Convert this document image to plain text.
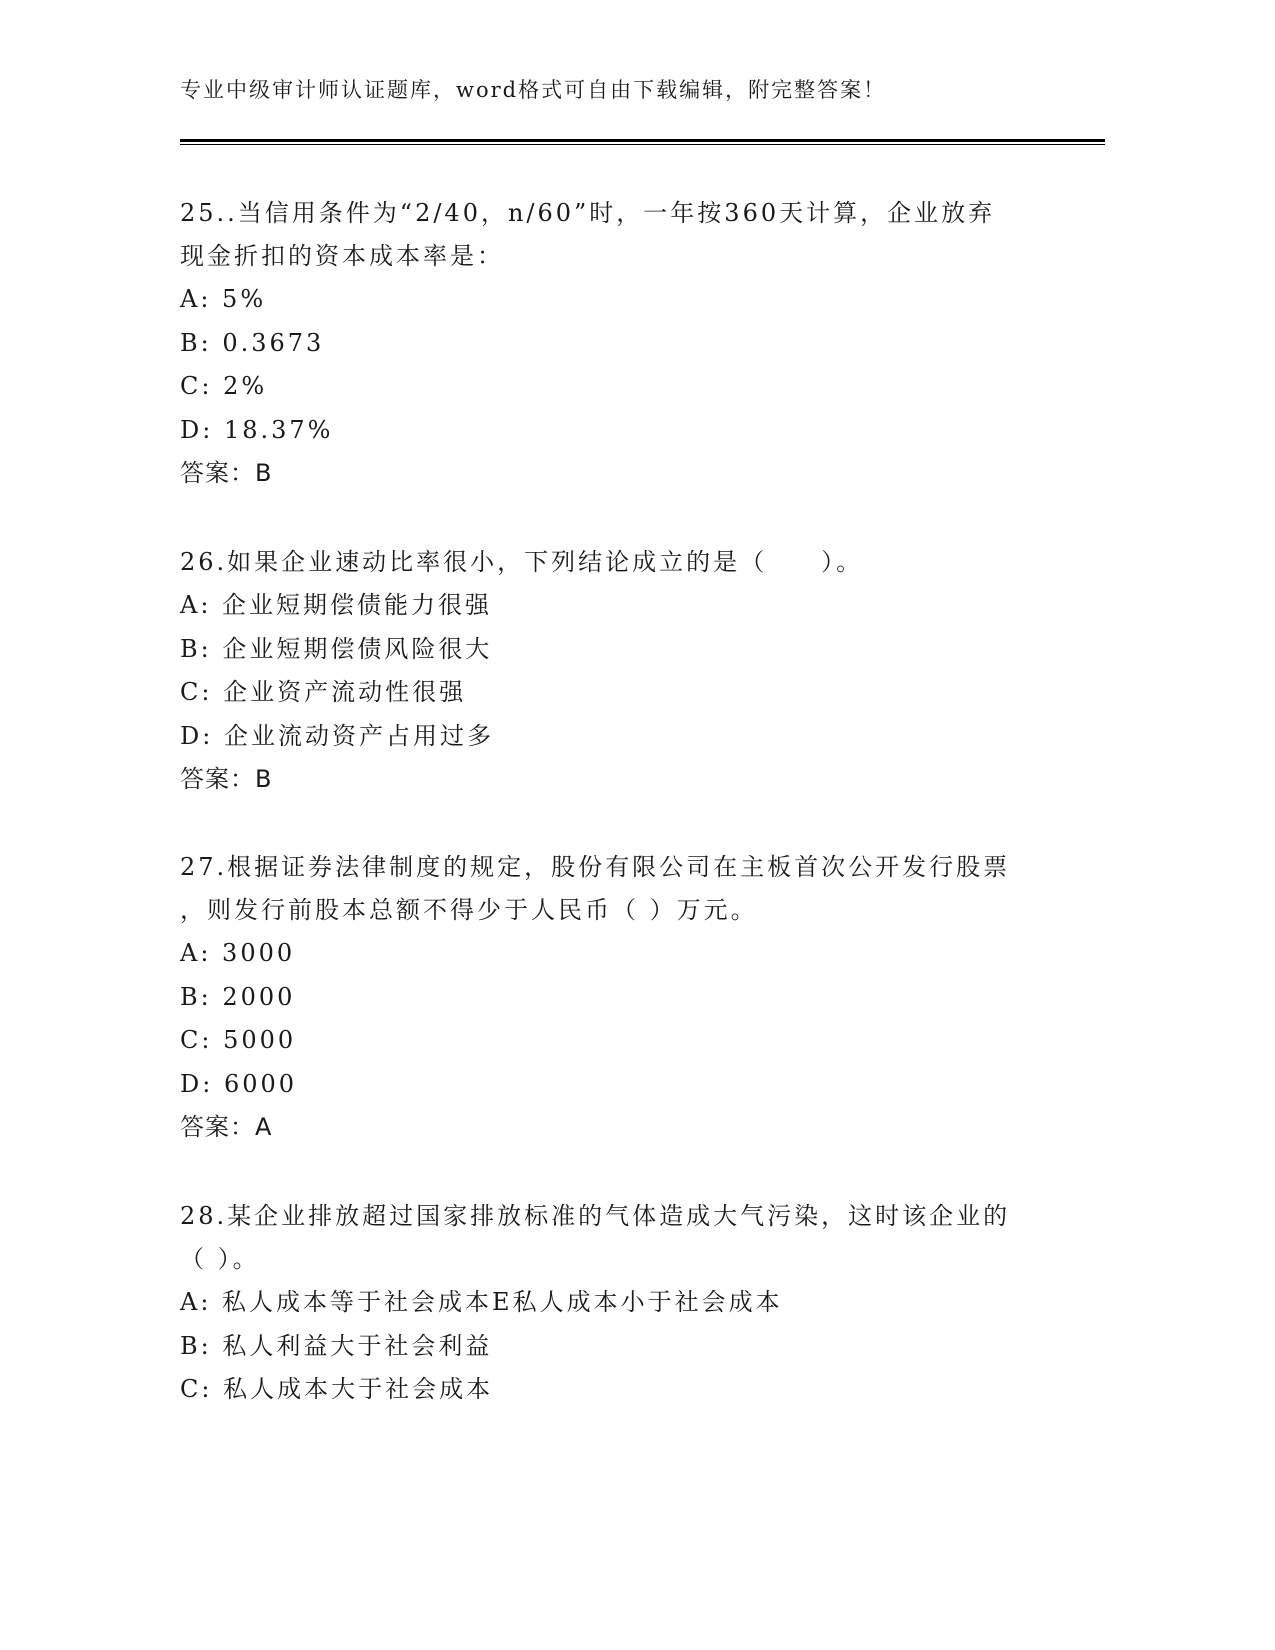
专业中级审计师认证题库，word格式可自由下载编辑，附完整答案！

25..当信用条件为“2/40，n/60”时，一年按360天计算，企业放弃

现金折扣的资本成本率是：

A: 5%

B: 0.3673

C: 2%

D: 18.37%

答案：B

26.如果企业速动比率很小，下列结论成立的是（　　）。

A: 企业短期偿债能力很强

B: 企业短期偿债风险很大

C: 企业资产流动性很强

D: 企业流动资产占用过多

答案：B

27.根据证券法律制度的规定，股份有限公司在主板首次公开发行股票

，则发行前股本总额不得少于人民币（ ）万元。

A: 3000

B: 2000

C: 5000

D: 6000

答案：A

28.某企业排放超过国家排放标准的气体造成大气污染，这时该企业的

（ ）。

A: 私人成本等于社会成本E私人成本小于社会成本

B: 私人利益大于社会利益

C: 私人成本大于社会成本
